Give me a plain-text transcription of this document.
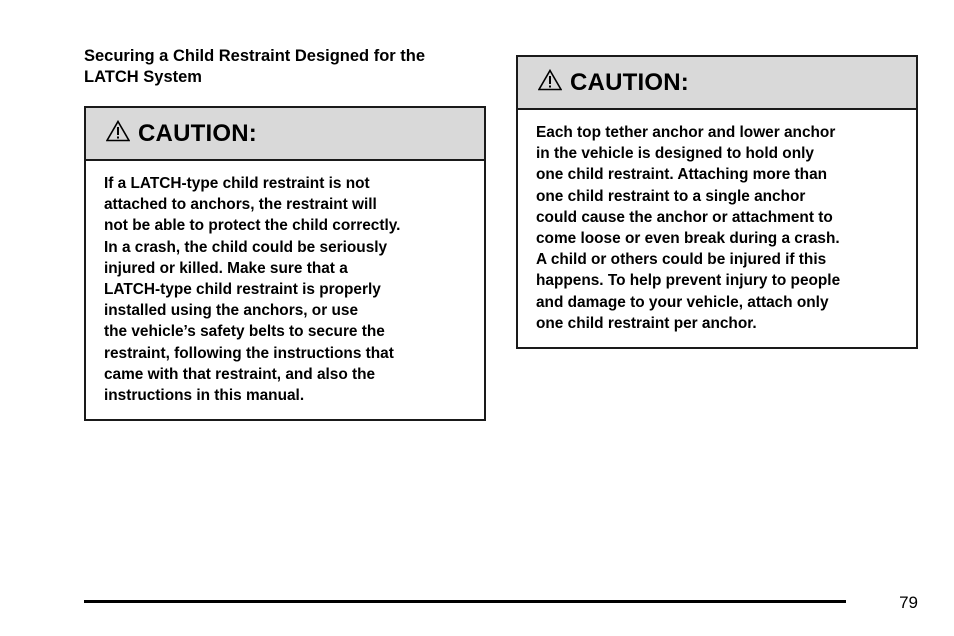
Securing a Child Restraint Designed for the LATCH System
CAUTION:

If a LATCH-type child restraint is not

attached to anchors, the restraint will

not be able to protect the child correctly.

In a crash, the child could be seriously

injured or killed. Make sure that a

LATCH-type child restraint is properly

installed using the anchors, or use

the vehicle’s safety belts to secure the

restraint, following the instructions that

came with that restraint, and also the

instructions in this manual.

CAUTION:

Each top tether anchor and lower anchor

in the vehicle is designed to hold only

one child restraint. Attaching more than

one child restraint to a single anchor

could cause the anchor or attachment to

come loose or even break during a crash.

A child or others could be injured if this

happens. To help prevent injury to people

and damage to your vehicle, attach only

one child restraint per anchor.

79
